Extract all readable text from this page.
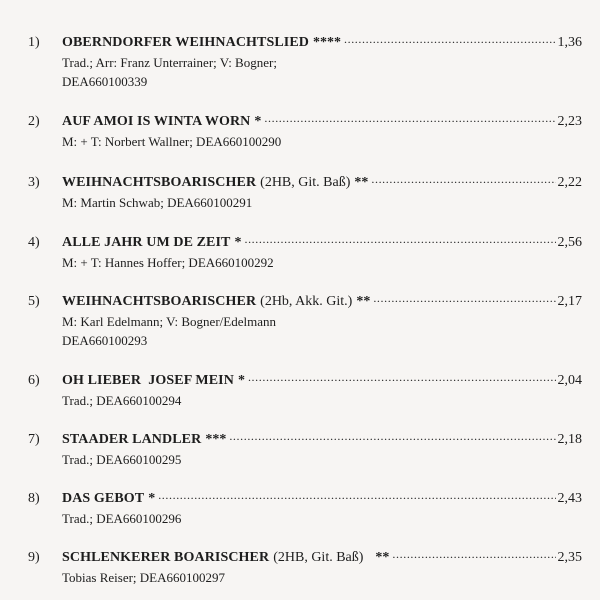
1)	OBERNDORFER WEIHNACHTSLIED **** .....	1,36
Trad.; Arr: Franz Unterrainer; V: Bogner;
DEA660100339
2)	AUF AMOI IS WINTA WORN * .....	2,23
M: + T: Norbert Wallner; DEA660100290
3)	WEIHNACHTSBOARISCHER (2HB, Git. Baß) ** .....	2,22
M: Martin Schwab; DEA660100291
4)	ALLE JAHR UM DE ZEIT * .....	2,56
M: + T: Hannes Hoffer; DEA660100292
5)	WEIHNACHTSBOARISCHER (2Hb, Akk. Git.) ** .....	2,17
M: Karl Edelmann; V: Bogner/Edelmann
DEA660100293
6)	OH LIEBER  JOSEF MEIN * .....	2,04
Trad.; DEA660100294
7)	STAADER LANDLER *** .....	2,18
Trad.; DEA660100295
8)	DAS GEBOT * .....	2,43
Trad.; DEA660100296
9)	SCHLENKERER BOARISCHER (2HB, Git. Baß) ** .....	2,35
Tobias Reiser; DEA660100297
